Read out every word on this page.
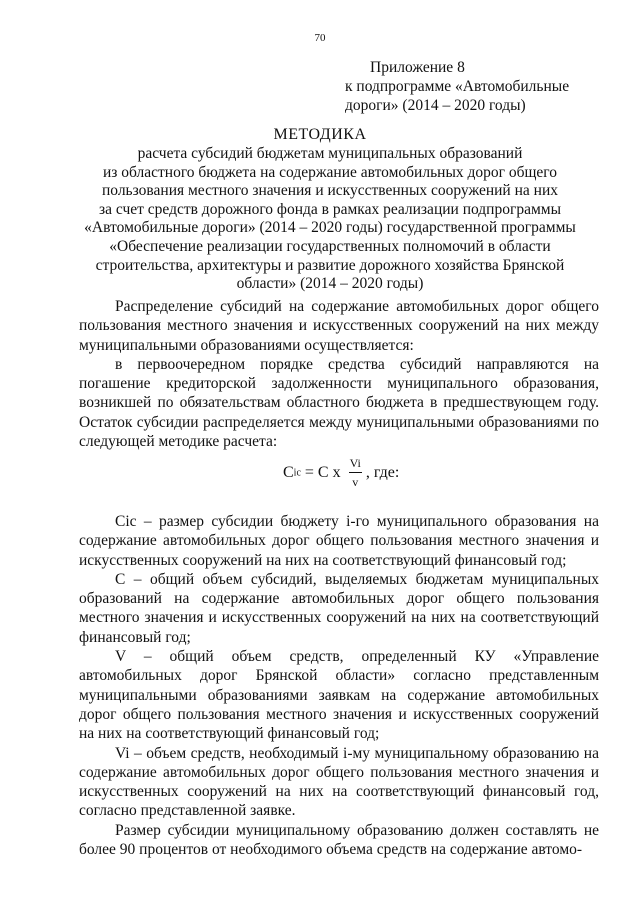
70
Приложение 8
к подпрограмме «Автомобильные
дороги» (2014 – 2020 годы)
МЕТОДИКА
расчета субсидий бюджетам муниципальных образований
из областного бюджета на содержание автомобильных дорог общего
пользования местного значения и искусственных сооружений на них
за счет средств дорожного фонда в рамках реализации подпрограммы
«Автомобильные дороги» (2014 – 2020 годы) государственной программы
«Обеспечение реализации государственных полномочий в области
строительства, архитектуры и развитие дорожного хозяйства Брянской
области» (2014 – 2020 годы)

Распределение субсидий на содержание автомобильных дорог общего пользования местного значения и искусственных сооружений на них между муниципальными образованиями осуществляется:

в первоочередном порядке средства субсидий направляются на погашение кредиторской задолженности муниципального образования, возникшей по обязательствам областного бюджета в предшествующем году. Остаток субсидии распределяется между муниципальными образованиями по следующей методике расчета:

Cic = C x $\frac{Vi}{v}$ , где:

Cic – размер субсидии бюджету i-го муниципального образования на содержание автомобильных дорог общего пользования местного значения и искусственных сооружений на них на соответствующий финансовый год;

C – общий объем субсидий, выделяемых бюджетам муниципальных образований на содержание автомобильных дорог общего пользования местного значения и искусственных сооружений на них на соответствующий финансовый год;

V – общий объем средств, определенный КУ «Управление автомобильных дорог Брянской области» согласно представленным муниципальными образованиями заявкам на содержание автомобильных дорог общего пользования местного значения и искусственных сооружений на них на соответствующий финансовый год;

Vi – объем средств, необходимый i-му муниципальному образованию на содержание автомобильных дорог общего пользования местного значения и искусственных сооружений на них на соответствующий финансовый год, согласно представленной заявке.

Размер субсидии муниципальному образованию должен составлять не более 90 процентов от необходимого объема средств на содержание автомо-
